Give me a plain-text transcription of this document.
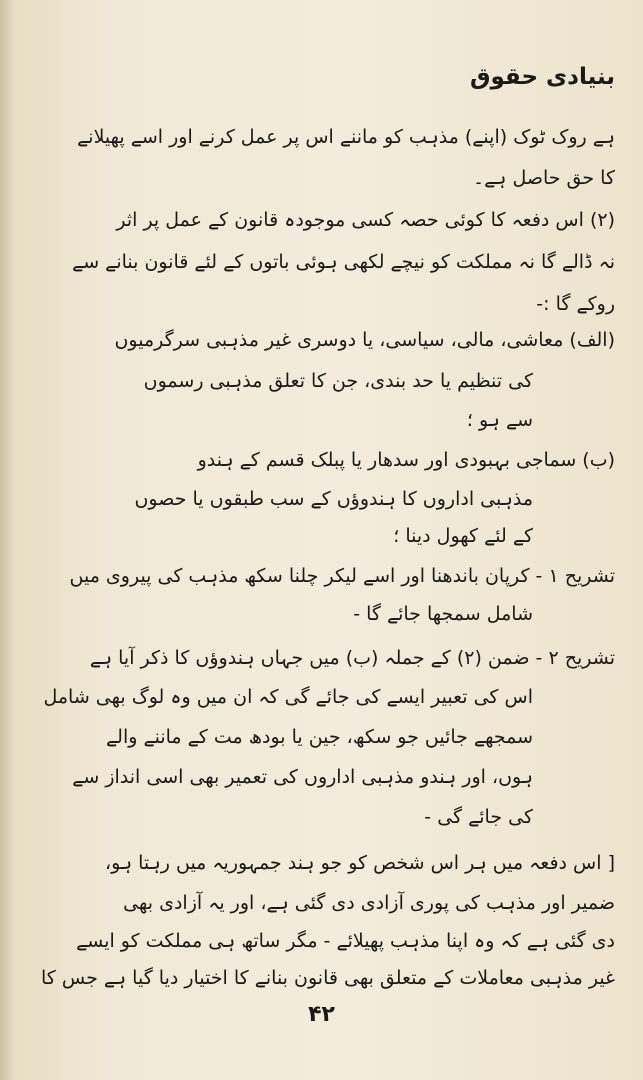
بنیادی حقوق
ہے روک ٹوک (اپنے) مذہب کو ماننے اس پر عمل کرنے اور اسے پھیلانے
کا حق حاصل ہے۔
(۲) اس دفعہ کا کوئی حصہ کسی موجودہ قانون کے عمل پر اثر
نہ ڈالے گا نہ مملکت کو نیچے لکھی ہوئی باتوں کے لئے قانون بنانے سے
روکے گا :-
(الف) معاشی، مالی، سیاسی، یا دوسری غیر مذہبی سرگرمیوں
کی تنظیم یا حد بندی، جن کا تعلق مذہبی رسموں
سے ہو ؛
(ب) سماجی بہبودی اور سدھار یا پبلک قسم کے ہندو
مذہبی اداروں کا ہندوؤں کے سب طبقوں یا حصوں
کے لئے کھول دینا ؛
تشریح ۱ - کرپان باندھنا اور اسے لیکر چلنا سکھ مذہب کی پیروی میں
شامل سمجھا جائے گا -
تشریح ۲ - ضمن (۲) کے جملہ (ب) میں جہاں ہندوؤں کا ذکر آیا ہے
اس کی تعبیر ایسے کی جائے گی کہ ان میں وہ لوگ بھی شامل
سمجھے جائیں جو سکھ، جین یا بودھ مت کے ماننے والے
ہوں، اور ہندو مذہبی اداروں کی تعمیر بھی اسی انداز سے
کی جائے گی -
[ اس دفعہ میں ہر اس شخص کو جو ہند جمہوریہ میں رہتا ہو،
ضمیر اور مذہب کی پوری آزادی دی گئی ہے، اور یہ آزادی بھی
دی گئی ہے کہ وہ اپنا مذہب پھیلائے - مگر ساتھ ہی مملکت کو ایسے
غیر مذہبی معاملات کے متعلق بھی قانون بنانے کا اختیار دیا گیا ہے جس کا
۴۲
